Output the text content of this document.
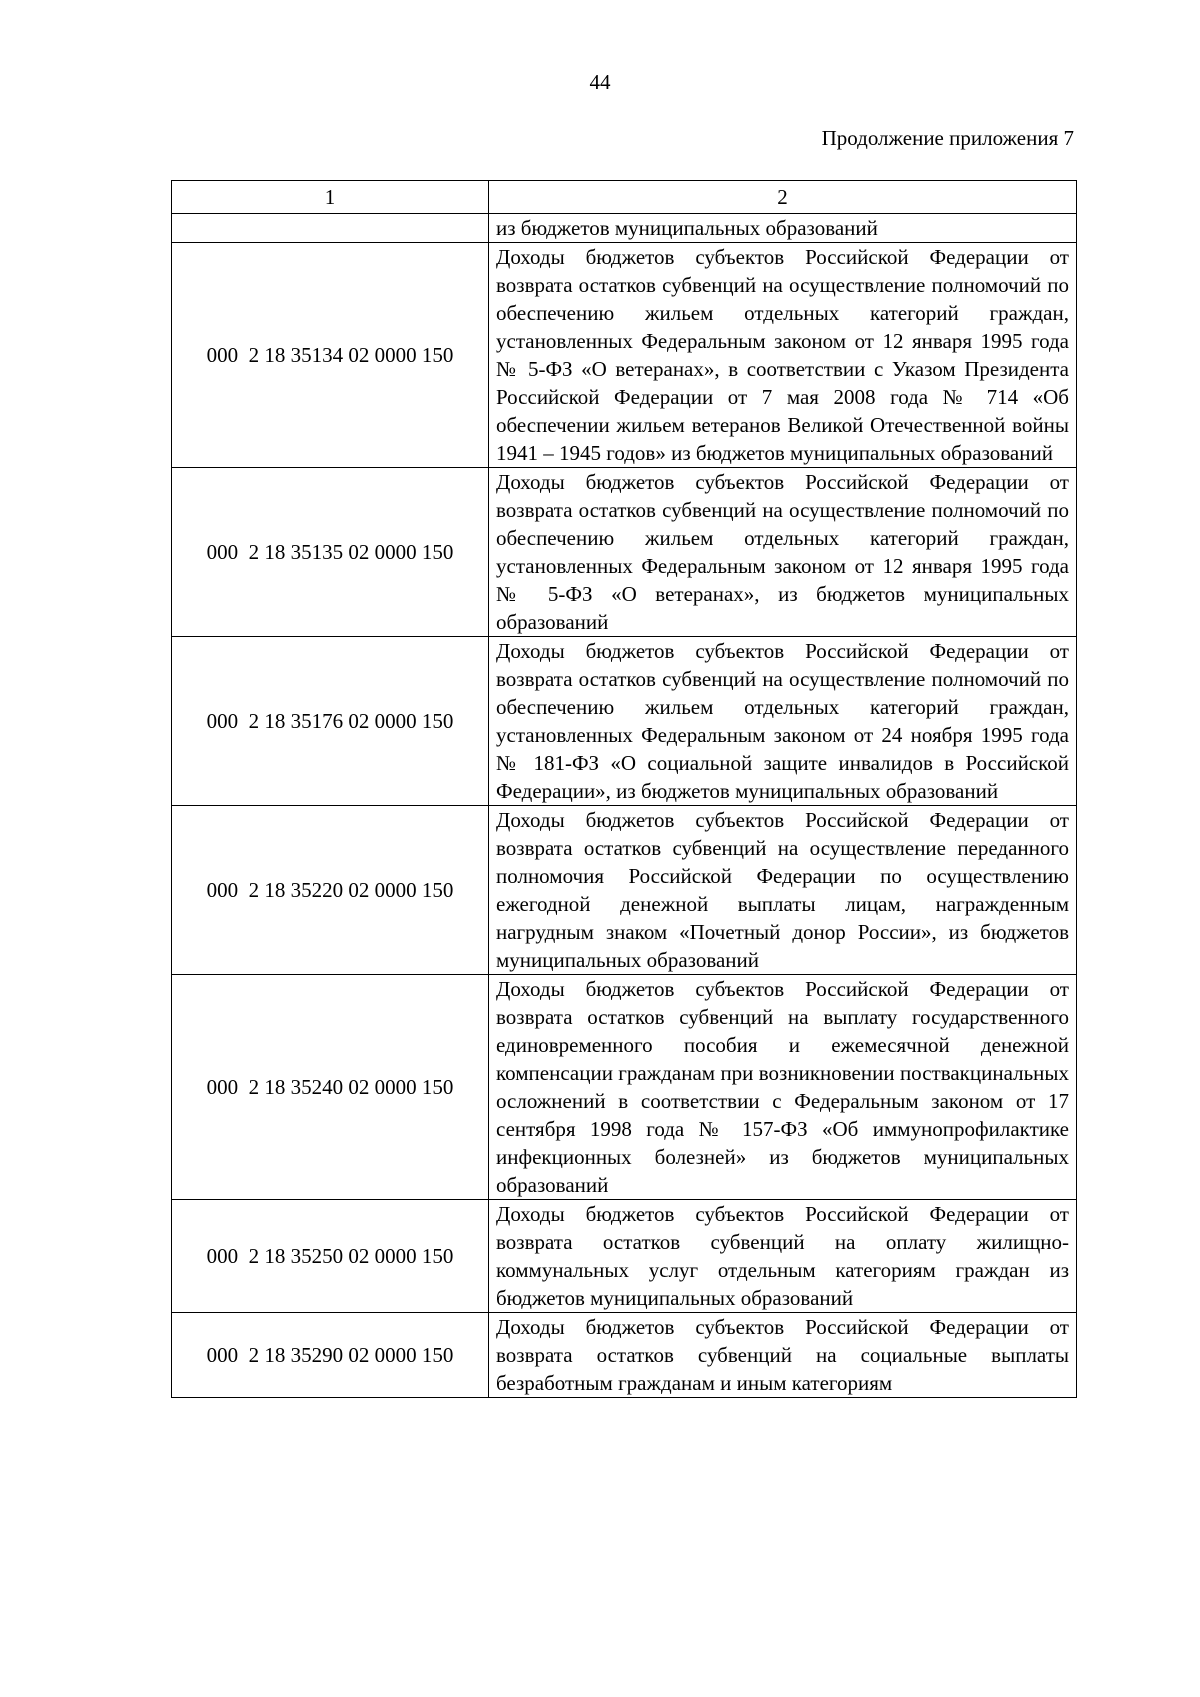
44
Продолжение приложения 7
1	2
	из бюджетов муниципальных образований
000  2 18 35134 02 0000 150	Доходы бюджетов субъектов Российской Федерации от возврата остатков субвенций на осуществление полномочий по обеспечению жильем отдельных категорий граждан, установленных Федеральным законом от 12 января 1995 года № 5-ФЗ «О ветеранах», в соответствии с Указом Президента Российской Федерации от 7 мая 2008 года № 714 «Об обеспечении жильем ветеранов Великой Отечественной войны 1941 – 1945 годов» из бюджетов муниципальных образований
000  2 18 35135 02 0000 150	Доходы бюджетов субъектов Российской Федерации от возврата остатков субвенций на осуществление полномочий по обеспечению жильем отдельных категорий граждан, установленных Федеральным законом от 12 января 1995 года № 5-ФЗ «О ветеранах», из бюджетов муниципальных образований
000  2 18 35176 02 0000 150	Доходы бюджетов субъектов Российской Федерации от возврата остатков субвенций на осуществление полномочий по обеспечению жильем отдельных категорий граждан, установленных Федеральным законом от 24 ноября 1995 года № 181-ФЗ «О социальной защите инвалидов в Российской Федерации», из бюджетов муниципальных образований
000  2 18 35220 02 0000 150	Доходы бюджетов субъектов Российской Федерации от возврата остатков субвенций на осуществление переданного полномочия Российской Федерации по осуществлению ежегодной денежной выплаты лицам, награжденным нагрудным знаком «Почетный донор России», из бюджетов муниципальных образований
000  2 18 35240 02 0000 150	Доходы бюджетов субъектов Российской Федерации от возврата остатков субвенций на выплату государственного единовременного пособия и ежемесячной денежной компенсации гражданам при возникновении поствакцинальных осложнений в соответствии с Федеральным законом от 17 сентября 1998 года № 157-ФЗ «Об иммунопрофилактике инфекционных болезней» из бюджетов муниципальных образований
000  2 18 35250 02 0000 150	Доходы бюджетов субъектов Российской Федерации от возврата остатков субвенций на оплату жилищно-коммунальных услуг отдельным категориям граждан из бюджетов муниципальных образований
000  2 18 35290 02 0000 150	Доходы бюджетов субъектов Российской Федерации от возврата остатков субвенций на социальные выплаты безработным гражданам и иным категориям
